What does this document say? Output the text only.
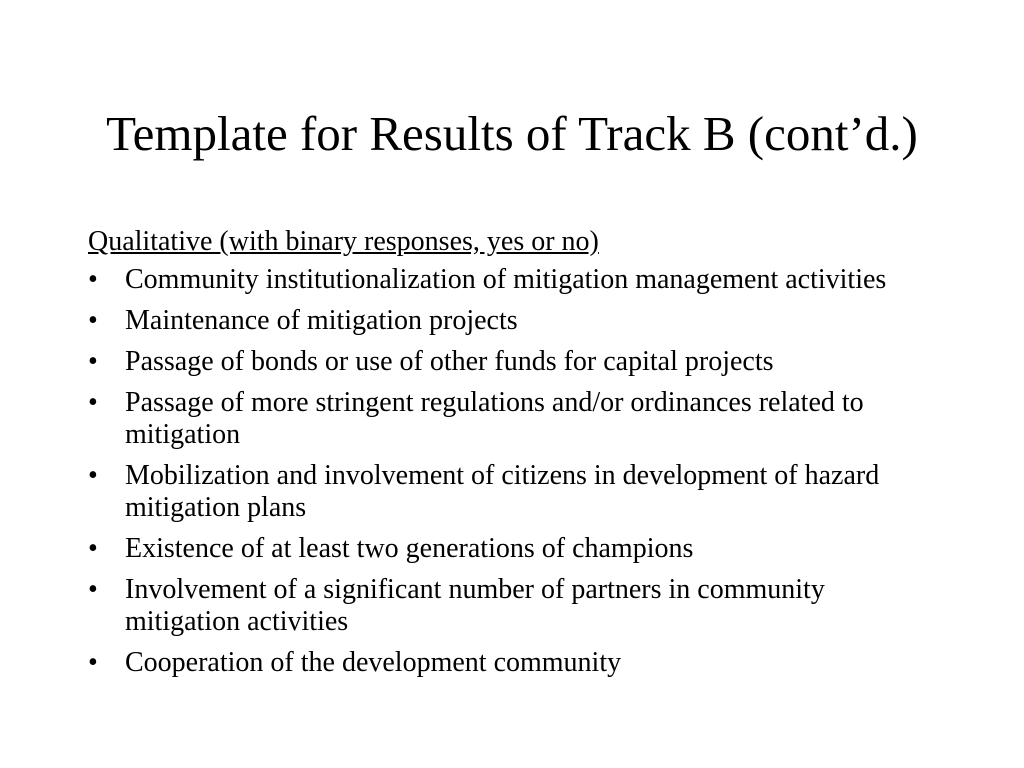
Template for Results of Track B (cont’d.)
Qualitative (with binary responses, yes or no)
• Community institutionalization of mitigation management activities
• Maintenance of mitigation projects
• Passage of bonds or use of other funds for capital projects
• Passage of more stringent regulations and/or ordinances related to mitigation
• Mobilization and involvement of citizens in development of hazard mitigation plans
• Existence of at least two generations of champions
• Involvement of a significant number of partners in community mitigation activities
• Cooperation of the development community
